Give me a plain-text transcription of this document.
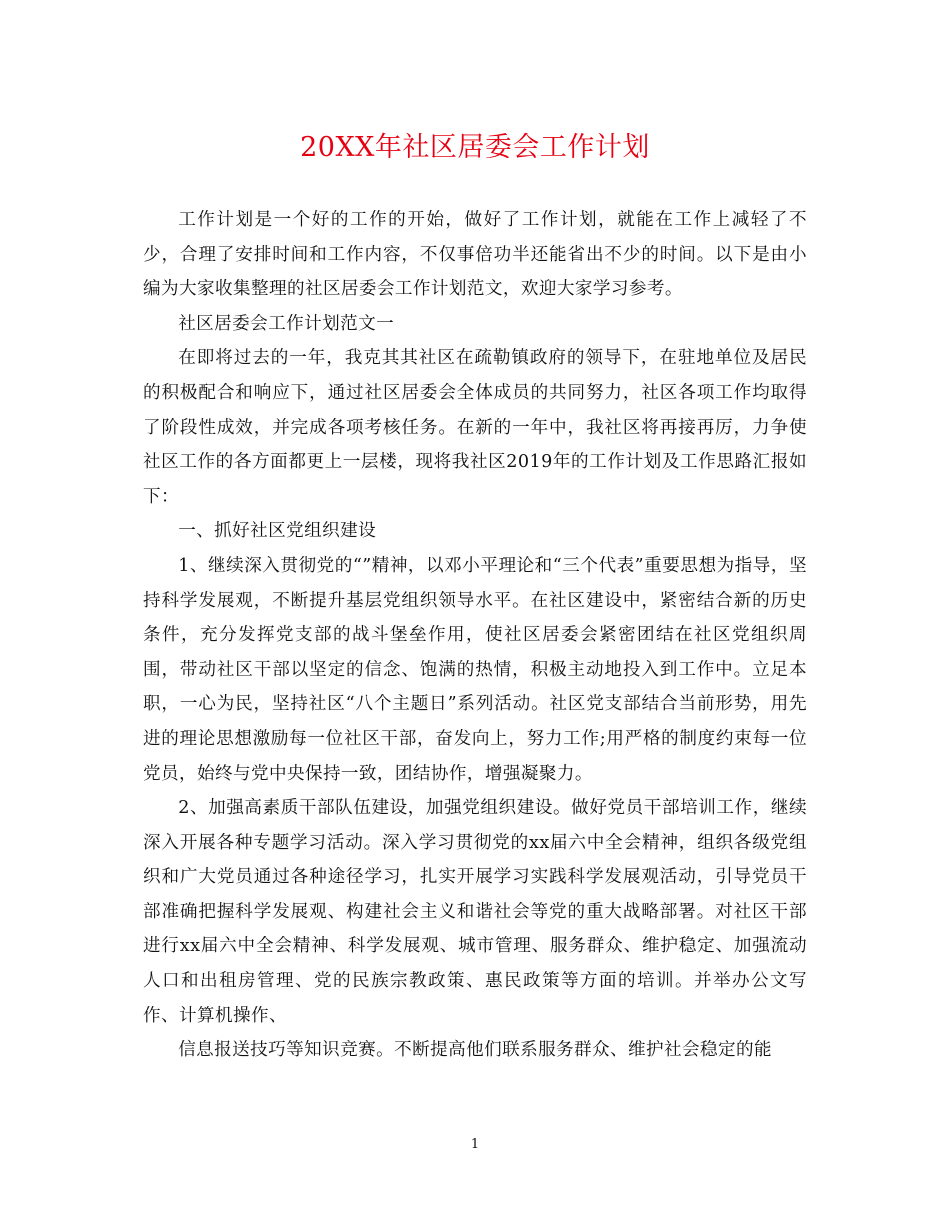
20XX年社区居委会工作计划

工作计划是一个好的工作的开始，做好了工作计划，就能在工作上减轻了不少，合理了安排时间和工作内容，不仅事倍功半还能省出不少的时间。以下是由小编为大家收集整理的社区居委会工作计划范文，欢迎大家学习参考。

社区居委会工作计划范文一

在即将过去的一年，我克其其社区在疏勒镇政府的领导下，在驻地单位及居民的积极配合和响应下，通过社区居委会全体成员的共同努力，社区各项工作均取得了阶段性成效，并完成各项考核任务。在新的一年中，我社区将再接再厉，力争使社区工作的各方面都更上一层楼，现将我社区2019年的工作计划及工作思路汇报如下：

一、抓好社区党组织建设

1、继续深入贯彻党的“”精神，以邓小平理论和“三个代表”重要思想为指导，坚持科学发展观，不断提升基层党组织领导水平。在社区建设中，紧密结合新的历史条件，充分发挥党支部的战斗堡垒作用，使社区居委会紧密团结在社区党组织周围，带动社区干部以坚定的信念、饱满的热情，积极主动地投入到工作中。立足本职，一心为民，坚持社区“八个主题日”系列活动。社区党支部结合当前形势，用先进的理论思想激励每一位社区干部，奋发向上，努力工作;用严格的制度约束每一位党员，始终与党中央保持一致，团结协作，增强凝聚力。

2、加强高素质干部队伍建设，加强党组织建设。做好党员干部培训工作，继续深入开展各种专题学习活动。深入学习贯彻党的xx届六中全会精神，组织各级党组织和广大党员通过各种途径学习，扎实开展学习实践科学发展观活动，引导党员干部准确把握科学发展观、构建社会主义和谐社会等党的重大战略部署。对社区干部进行xx届六中全会精神、科学发展观、城市管理、服务群众、维护稳定、加强流动人口和出租房管理、党的民族宗教政策、惠民政策等方面的培训。并举办公文写作、计算机操作、

信息报送技巧等知识竞赛。不断提高他们联系服务群众、维护社会稳定的能

1
